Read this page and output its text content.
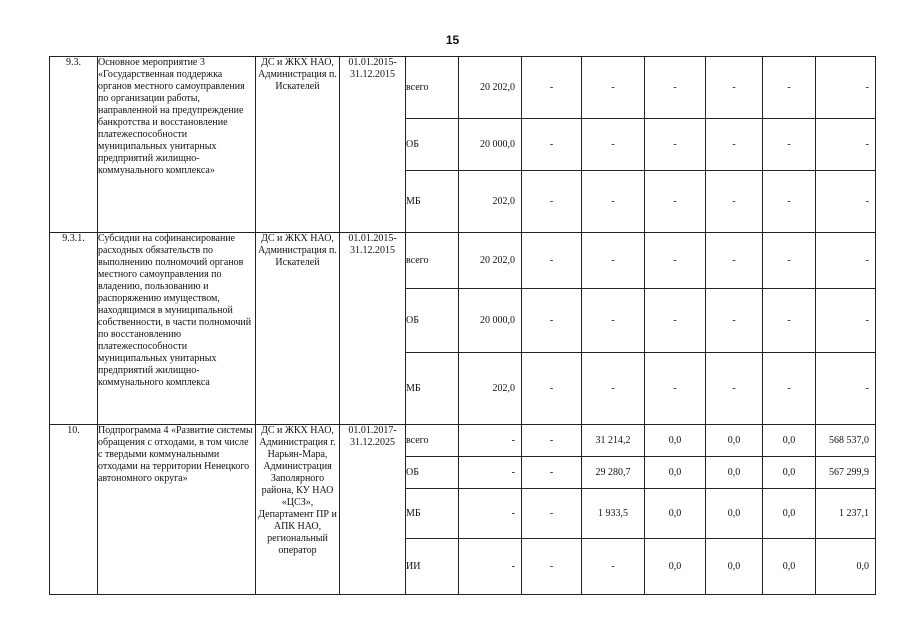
15
9.3.	Основное мероприятие 3 «Государственная поддержка органов местного самоуправления по организации работы, направленной на предупреждение банкротства и восстановление платежеспособности муниципальных унитарных предприятий жилищно-коммунального комплекса»	ДС и ЖКХ НАО, Администрация п. Искателей	01.01.2015-31.12.2015	всего	20 202,0	-	-	-	-	-	-
				ОБ	20 000,0	-	-	-	-	-	-
				МБ	202,0	-	-	-	-	-	-
9.3.1.	Субсидии на софинансирование расходных обязательств по выполнению полномочий органов местного самоуправления по владению, пользованию и распоряжению имуществом, находящимся в муниципальной собственности, в части полномочий по восстановлению платежеспособности муниципальных унитарных предприятий жилищно-коммунального комплекса	ДС и ЖКХ НАО, Администрация п. Искателей	01.01.2015-31.12.2015	всего	20 202,0	-	-	-	-	-	-
				ОБ	20 000,0	-	-	-	-	-	-
				МБ	202,0	-	-	-	-	-	-
10.	Подпрограмма 4 «Развитие системы обращения с отходами, в том числе с твердыми коммунальными отходами на территории Ненецкого автономного округа»	ДС и ЖКХ НАО, Администрация г. Нарьян-Мара, Администрация Заполярного района, КУ НАО «ЦСЗ», Департамент ПР и АПК НАО, региональный оператор	01.01.2017-31.12.2025	всего	-	-	31 214,2	0,0	0,0	0,0	568 537,0
				ОБ	-	-	29 280,7	0,0	0,0	0,0	567 299,9
				МБ	-	-	1 933,5	0,0	0,0	0,0	1 237,1
				ИИ	-	-	-	0,0	0,0	0,0	0,0
